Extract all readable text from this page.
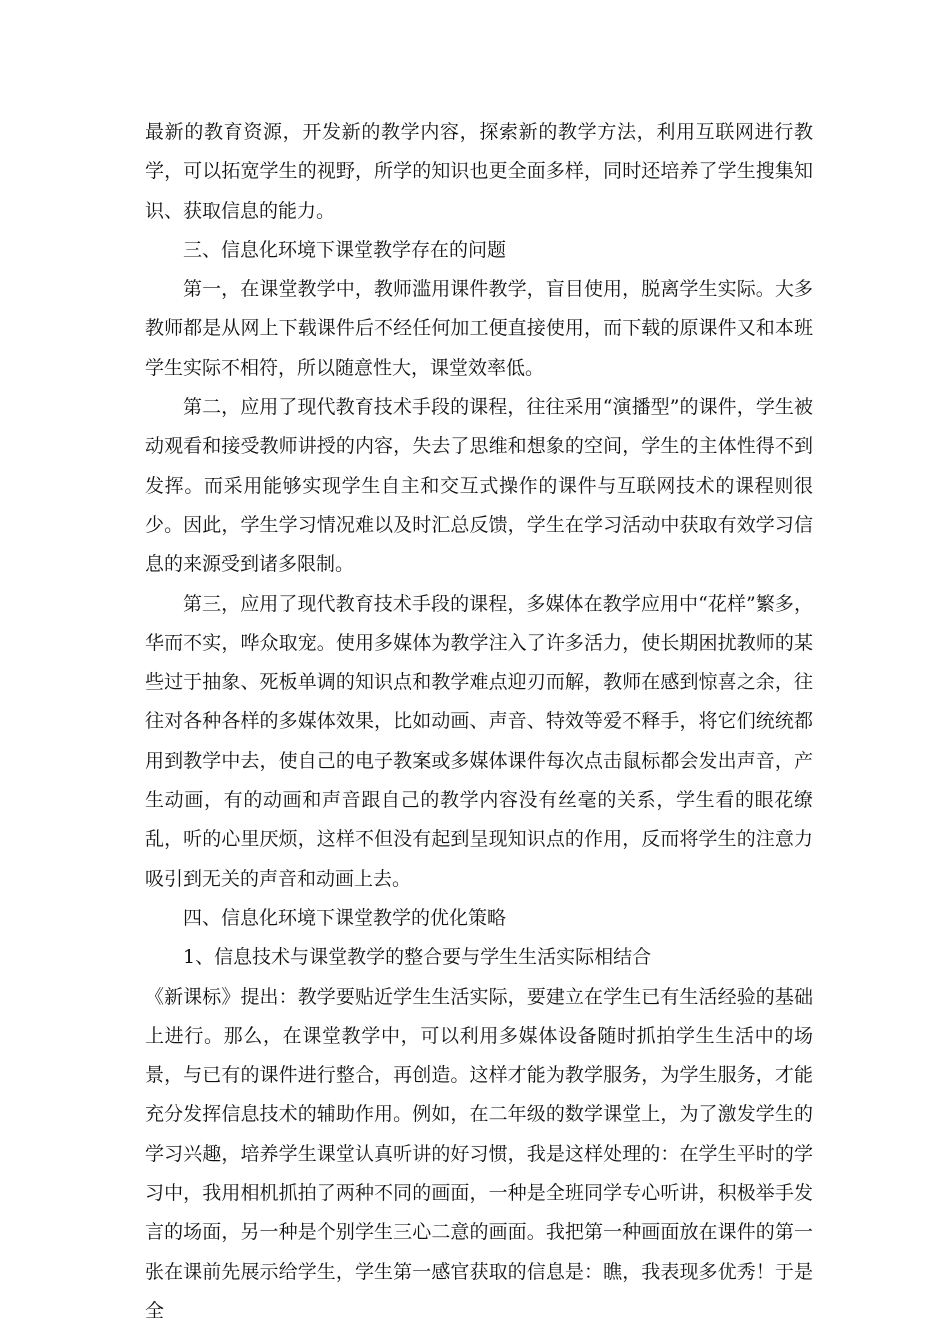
最新的教育资源，开发新的教学内容，探索新的教学方法，利用互联网进行教学，可以拓宽学生的视野，所学的知识也更全面多样，同时还培养了学生搜集知识、获取信息的能力。

三、信息化环境下课堂教学存在的问题

第一，在课堂教学中，教师滥用课件教学，盲目使用，脱离学生实际。大多教师都是从网上下载课件后不经任何加工便直接使用，而下载的原课件又和本班学生实际不相符，所以随意性大，课堂效率低。

第二，应用了现代教育技术手段的课程，往往采用“演播型”的课件，学生被动观看和接受教师讲授的内容，失去了思维和想象的空间，学生的主体性得不到发挥。而采用能够实现学生自主和交互式操作的课件与互联网技术的课程则很少。因此，学生学习情况难以及时汇总反馈，学生在学习活动中获取有效学习信息的来源受到诸多限制。

第三，应用了现代教育技术手段的课程，多媒体在教学应用中“花样”繁多，华而不实，哗众取宠。使用多媒体为教学注入了许多活力，使长期困扰教师的某些过于抽象、死板单调的知识点和教学难点迎刃而解，教师在感到惊喜之余，往往对各种各样的多媒体效果，比如动画、声音、特效等爱不释手，将它们统统都用到教学中去，使自己的电子教案或多媒体课件每次点击鼠标都会发出声音，产生动画，有的动画和声音跟自己的教学内容没有丝毫的关系，学生看的眼花缭乱，听的心里厌烦，这样不但没有起到呈现知识点的作用，反而将学生的注意力吸引到无关的声音和动画上去。

四、信息化环境下课堂教学的优化策略

1、信息技术与课堂教学的整合要与学生生活实际相结合

《新课标》提出：教学要贴近学生生活实际，要建立在学生已有生活经验的基础上进行。那么，在课堂教学中，可以利用多媒体设备随时抓拍学生生活中的场景，与已有的课件进行整合，再创造。这样才能为教学服务，为学生服务，才能充分发挥信息技术的辅助作用。例如，在二年级的数学课堂上，为了激发学生的学习兴趣，培养学生课堂认真听讲的好习惯，我是这样处理的：在学生平时的学习中，我用相机抓拍了两种不同的画面，一种是全班同学专心听讲，积极举手发言的场面，另一种是个别学生三心二意的画面。我把第一种画面放在课件的第一张在课前先展示给学生，学生第一感官获取的信息是：瞧，我表现多优秀！于是全
